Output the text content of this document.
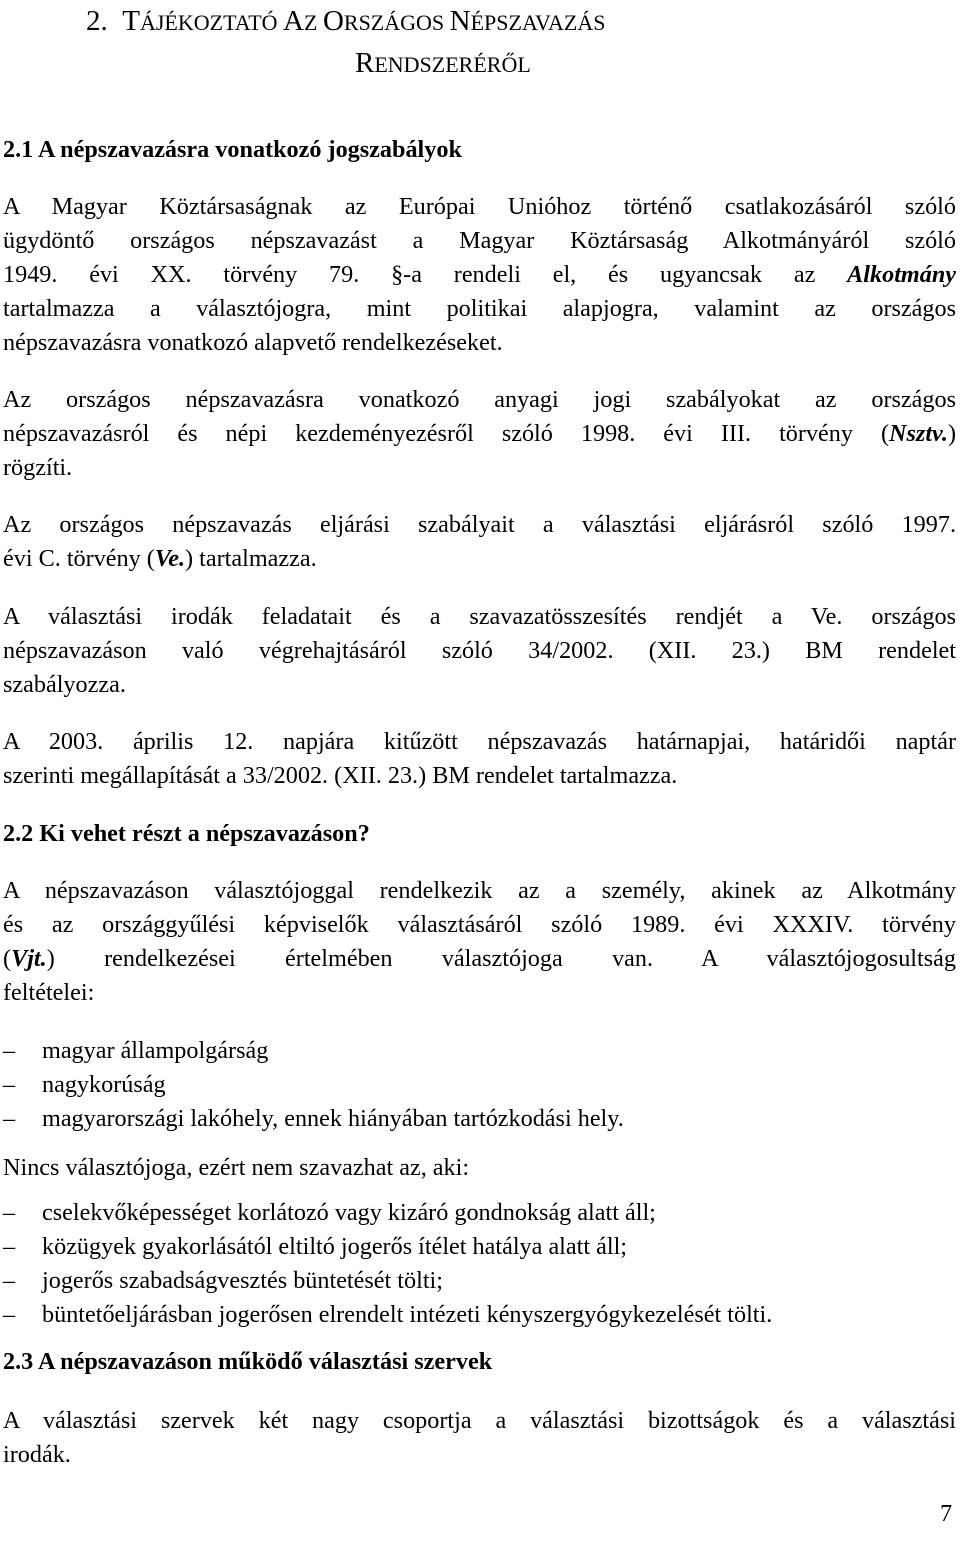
2. TÁJÉKOZTATÓ AZ ORSZÁGOS NÉPSZAVAZÁS
RENDSZERÉRŐL
2.1 A népszavazásra vonatkozó jogszabályok
A Magyar Köztársaságnak az Európai Unióhoz történő csatlakozásáról szóló
ügydöntő országos népszavazást a Magyar Köztársaság Alkotmányáról szóló
1949. évi XX. törvény 79. §-a rendeli el, és ugyancsak az Alkotmány
tartalmazza a választójogra, mint politikai alapjogra, valamint az országos
népszavazásra vonatkozó alapvető rendelkezéseket.
Az országos népszavazásra vonatkozó anyagi jogi szabályokat az országos
népszavazásról és népi kezdeményezésről szóló 1998. évi III. törvény (Nsztv.)
rögzíti.
Az országos népszavazás eljárási szabályait a választási eljárásról szóló 1997.
évi C. törvény (Ve.) tartalmazza.
A választási irodák feladatait és a szavazatösszesítés rendjét a Ve. országos
népszavazáson való végrehajtásáról szóló 34/2002. (XII. 23.) BM rendelet
szabályozza.
A 2003. április 12. napjára kitűzött népszavazás határnapjai, határidői naptár
szerinti megállapítását a 33/2002. (XII. 23.) BM rendelet tartalmazza.
2.2 Ki vehet részt a népszavazáson?
A népszavazáson választójoggal rendelkezik az a személy, akinek az Alkotmány
és az országgyűlési képviselők választásáról szóló 1989. évi XXXIV. törvény
(Vjt.) rendelkezései értelmében választójoga van. A választójogosultság
feltételei:
– magyar állampolgárság
– nagykorúság
– magyarországi lakóhely, ennek hiányában tartózkodási hely.
Nincs választójoga, ezért nem szavazhat az, aki:
– cselekvőképességet korlátozó vagy kizáró gondnokság alatt áll;
– közügyek gyakorlásától eltiltó jogerős ítélet hatálya alatt áll;
– jogerős szabadságvesztés büntetését tölti;
– büntetőeljárásban jogerősen elrendelt intézeti kényszergyógykezelését tölti.
2.3 A népszavazáson működő választási szervek
A választási szervek két nagy csoportja a választási bizottságok és a választási
irodák.
7
